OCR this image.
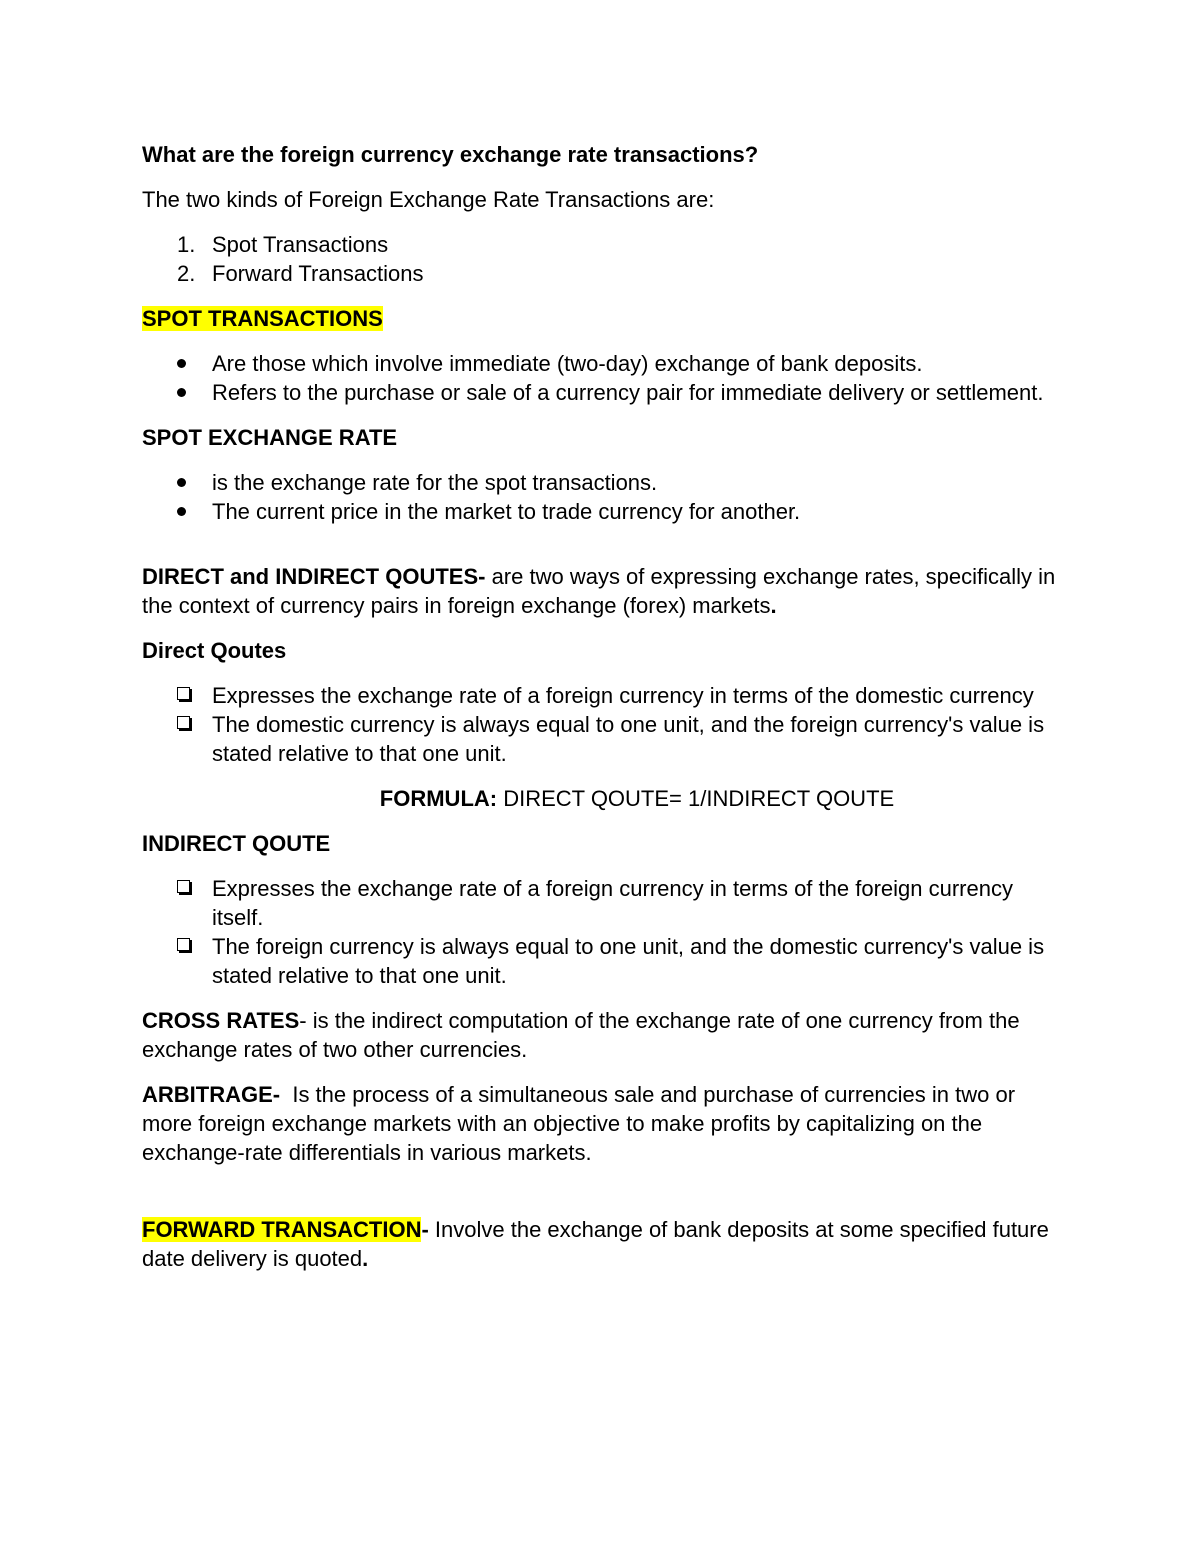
What are the foreign currency exchange rate transactions?

The two kinds of Foreign Exchange Rate Transactions are:

1. Spot Transactions
2. Forward Transactions

SPOT TRANSACTIONS

Are those which involve immediate (two-day) exchange of bank deposits.
Refers to the purchase or sale of a currency pair for immediate delivery or settlement.

SPOT EXCHANGE RATE

is the exchange rate for the spot transactions.
The current price in the market to trade currency for another.

DIRECT and INDIRECT QOUTES- are two ways of expressing exchange rates, specifically in the context of currency pairs in foreign exchange (forex) markets.

Direct Qoutes

Expresses the exchange rate of a foreign currency in terms of the domestic currency
The domestic currency is always equal to one unit, and the foreign currency's value is stated relative to that one unit.

FORMULA: DIRECT QOUTE= 1/INDIRECT QOUTE

INDIRECT QOUTE

Expresses the exchange rate of a foreign currency in terms of the foreign currency itself.
The foreign currency is always equal to one unit, and the domestic currency's value is stated relative to that one unit.

CROSS RATES- is the indirect computation of the exchange rate of one currency from the exchange rates of two other currencies.

ARBITRAGE-  Is the process of a simultaneous sale and purchase of currencies in two or more foreign exchange markets with an objective to make profits by capitalizing on the exchange-rate differentials in various markets.

FORWARD TRANSACTION- Involve the exchange of bank deposits at some specified future date delivery is quoted.
